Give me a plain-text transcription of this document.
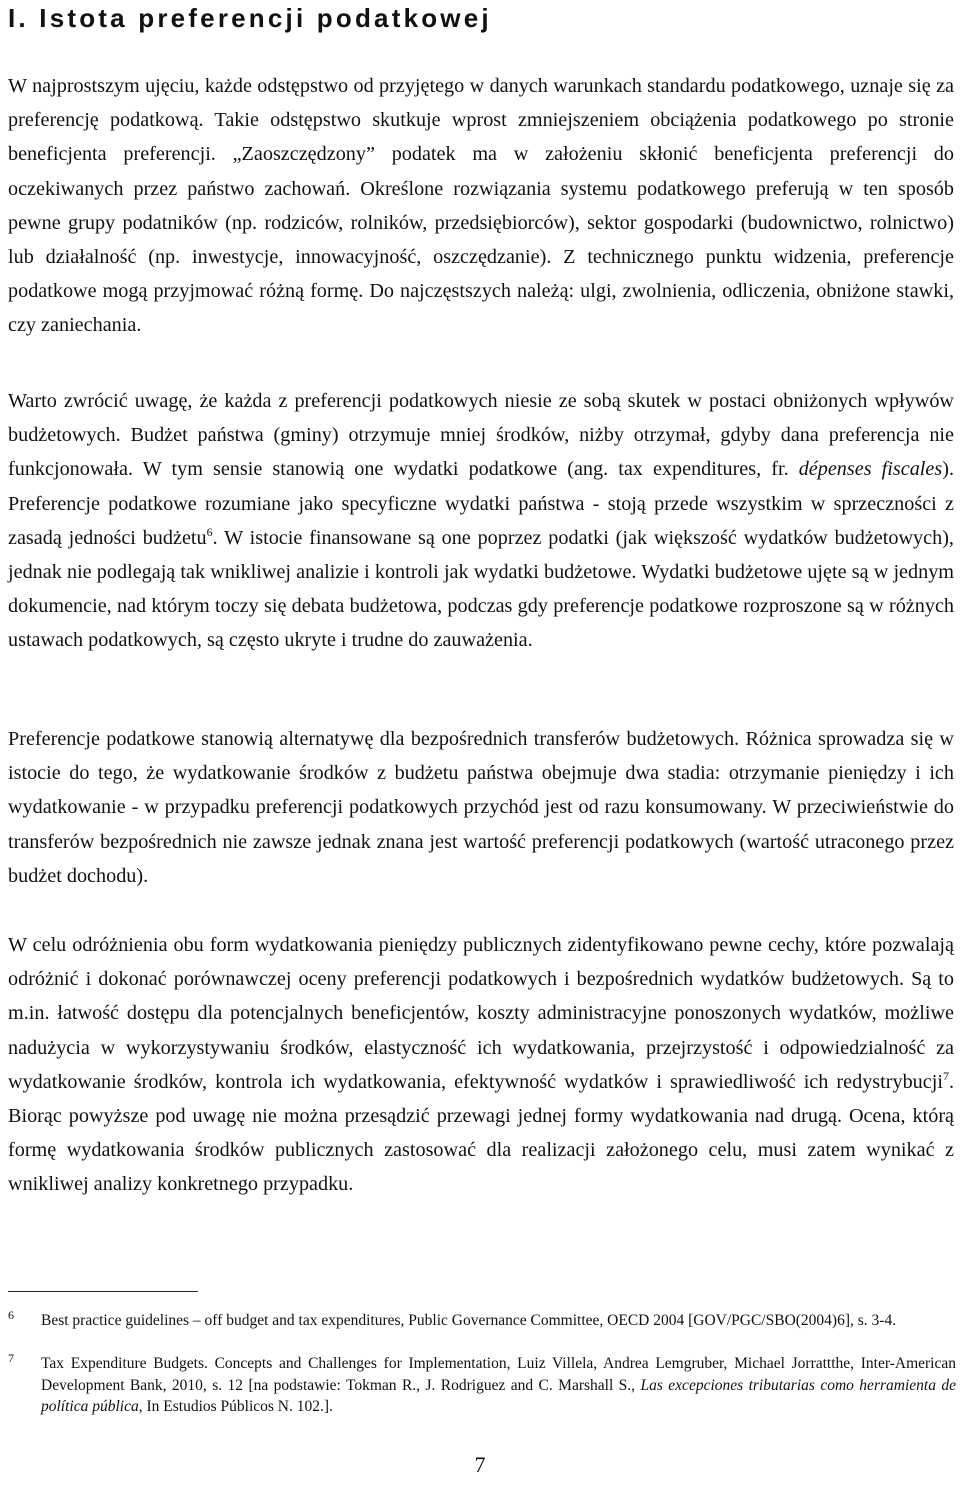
I. Istota preferencji podatkowej

W najprostszym ujęciu, każde odstępstwo od przyjętego w danych warunkach standardu podatkowego, uznaje się za preferencję podatkową. Takie odstępstwo skutkuje wprost zmniejszeniem obciążenia podatkowego po stronie beneficjenta preferencji. „Zaoszczędzony” podatek ma w założeniu skłonić beneficjenta preferencji do oczekiwanych przez państwo zachowań. Określone rozwiązania systemu podatkowego preferują w ten sposób pewne grupy podatników (np. rodziców, rolników, przedsiębiorców), sektor gospodarki (budownictwo, rolnictwo) lub działalność (np. inwestycje, innowacyjność, oszczędzanie). Z technicznego punktu widzenia, preferencje podatkowe mogą przyjmować różną formę. Do najczęstszych należą: ulgi, zwolnienia, odliczenia, obniżone stawki, czy zaniechania.

Warto zwrócić uwagę, że każda z preferencji podatkowych niesie ze sobą skutek w postaci obniżonych wpływów budżetowych. Budżet państwa (gminy) otrzymuje mniej środków, niżby otrzymał, gdyby dana preferencja nie funkcjonowała. W tym sensie stanowią one wydatki podatkowe (ang. tax expenditures, fr. dépenses fiscales). Preferencje podatkowe rozumiane jako specyficzne wydatki państwa - stoją przede wszystkim w sprzeczności z zasadą jedności budżetu$^6$. W istocie finansowane są one poprzez podatki (jak większość wydatków budżetowych), jednak nie podlegają tak wnikliwej analizie i kontroli jak wydatki budżetowe. Wydatki budżetowe ujęte są w jednym dokumencie, nad którym toczy się debata budżetowa, podczas gdy preferencje podatkowe rozproszone są w różnych ustawach podatkowych, są często ukryte i trudne do zauważenia.

Preferencje podatkowe stanowią alternatywę dla bezpośrednich transferów budżetowych. Różnica sprowadza się w istocie do tego, że wydatkowanie środków z budżetu państwa obejmuje dwa stadia: otrzymanie pieniędzy i ich wydatkowanie - w przypadku preferencji podatkowych przychód jest od razu konsumowany. W przeciwieństwie do transferów bezpośrednich nie zawsze jednak znana jest wartość preferencji podatkowych (wartość utraconego przez budżet dochodu).

W celu odróżnienia obu form wydatkowania pieniędzy publicznych zidentyfikowano pewne cechy, które pozwalają odróżnić i dokonać porównawczej oceny preferencji podatkowych i bezpośrednich wydatków budżetowych. Są to m.in. łatwość dostępu dla potencjalnych beneficjentów, koszty administracyjne ponoszonych wydatków, możliwe nadużycia w wykorzystywaniu środków, elastyczność ich wydatkowania, przejrzystość i odpowiedzialność za wydatkowanie środków, kontrola ich wydatkowania, efektywność wydatków i sprawiedliwość ich redystrybucji$^7$. Biorąc powyższe pod uwagę nie można przesądzić przewagi jednej formy wydatkowania nad drugą. Ocena, którą formę wydatkowania środków publicznych zastosować dla realizacji założonego celu, musi zatem wynikać z wnikliwej analizy konkretnego przypadku.

6 Best practice guidelines – off budget and tax expenditures, Public Governance Committee, OECD 2004 [GOV/PGC/SBO(2004)6], s. 3-4.
7 Tax Expenditure Budgets. Concepts and Challenges for Implementation, Luiz Villela, Andrea Lemgruber, Michael Jorrattthe, Inter-American Development Bank, 2010, s. 12 [na podstawie: Tokman R., J. Rodriguez and C. Marshall S., Las excepciones tributarias como herramienta de política pública, In Estudios Públicos N. 102.].
7
